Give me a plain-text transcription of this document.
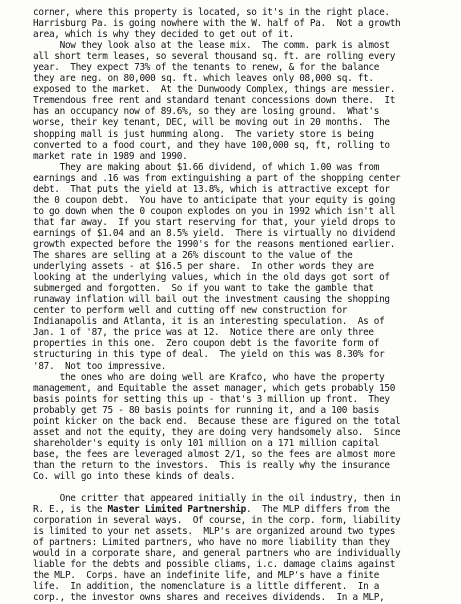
corner, where this property is located, so it's in the right place.
Harrisburg Pa. is going nowhere with the W. half of Pa.  Not a growth
area, which is why they decided to get out of it.
Now they look also at the lease mix.  The comm. park is almost
all short term leases, so several thousand sq. ft. are rolling every
year.  They expect 73% of the tenants to renew, & for the balance
they are neg. on 80,000 sq. ft. which leaves only 08,000 sq. ft.
exposed to the market.  At the Dunwoody Complex, things are messier.
Tremendous free rent and standard tenant concessions down there.  It
has an occupancy now of 89.6%, so they are losing ground.  What's
worse, their key tenant, DEC, will be moving out in 20 months.  The
shopping mall is just humming along.  The variety store is being
converted to a food court, and they have 100,000 sq, ft, rolling to
market rate in 1989 and 1990.
They are making about $1.66 dividend, of which 1.00 was from
earnings and .16 was from extinguishing a part of the shopping center
debt.  That puts the yield at 13.8%, which is attractive except for
the 0 coupon debt.  You have to anticipate that your equity is going
to go down when the 0 coupon explodes on you in 1992 which isn't all
that far away.  If you start reserving for that, your yield drops to
earnings of $1.04 and an 8.5% yield.  There is virtually no dividend
growth expected before the 1990's for the reasons mentioned earlier.
The shares are selling at a 26% discount to the value of the
underlying assets - at $16.5 per share.  In other words they are
looking at the underlying values, which in the old days got sort of
submerged and forgotten.  So if you want to take the gamble that
runaway inflation will bail out the investment causing the shopping
center to perform well and cutting off new construction for
Indianapolis and Atlanta, it is an interesting speculation.  As of
Jan. 1 of '87, the price was at 12.  Notice there are only three
properties in this one.  Zero coupon debt is the favorite form of
structuring in this type of deal.  The yield on this was 8.30% for
'87.  Not too impressive.
the ones who are doing well are Krafco, who have the property
management, and Equitable the asset manager, which gets probably 150
basis points for setting this up - that's 3 million up front.  They
probably get 75 - 80 basis points for running it, and a 100 basis
point kicker on the back end.  Because these are figured on the total
asset and not the equity, they are doing very handsomely also.  Since
shareholder's equity is only 101 million on a 171 million capital
base, the fees are leveraged almost 2/1, so the fees are almost more
than the return to the investors.  This is really why the insurance
Co. will go into these kinds of deals.
One critter that appeared initially in the oil industry, then in
R. E., is the Master Limited Partnership.  The MLP differs from the
corporation in several ways.  Of course, in the corp. form, liability
is limited to your net assets.  MLP's are organized around two types
of partners: Limited partners, who have no more liability than they
would in a corporate share, and general partners who are individually
liable for the debts and possible cliams, i.c. damage claims against
the MLP.  Corps. have an indefinite life, and MLP's have a finite
life.  In addition, the nomenclature is a little different.  In a
corp., the investor owns shares and receives dividends.  In a MLP,
